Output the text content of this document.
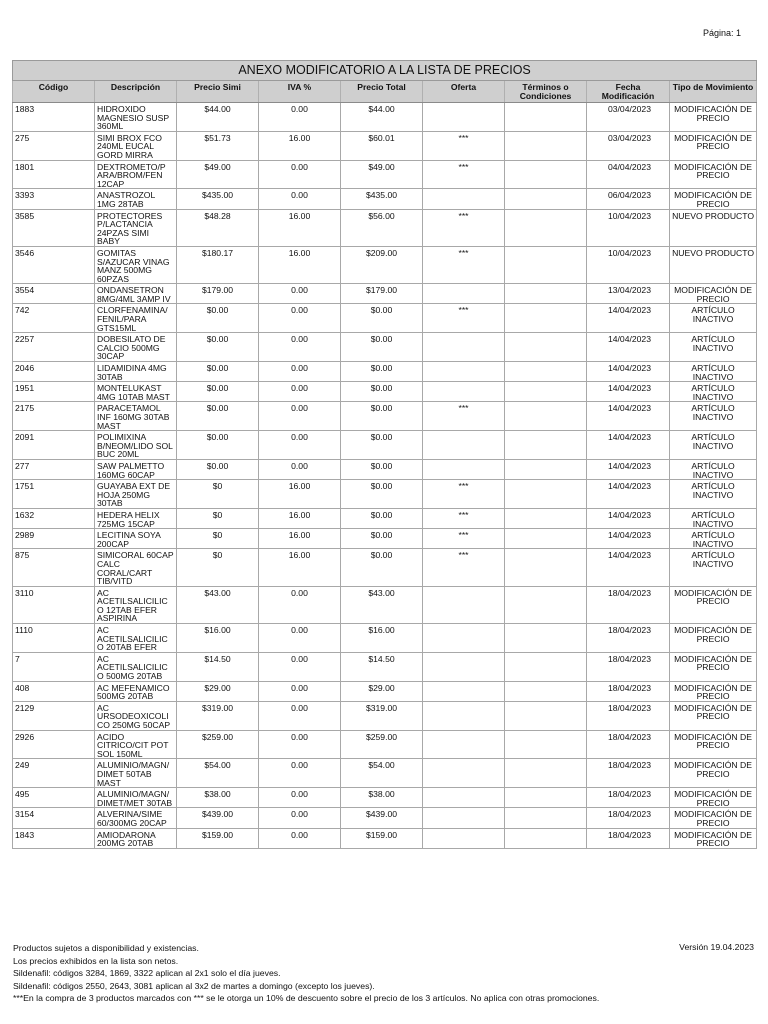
Página: 1
ANEXO MODIFICATORIO A LA LISTA DE PRECIOS								
Código	Descripción	Precio Simi	IVA %	Precio Total	Oferta	Términos o Condiciones	Fecha Modificación	Tipo de Movimiento
1883	HIDROXIDO MAGNESIO SUSP 360ML	$44.00	0.00	$44.00			03/04/2023	MODIFICACIÓN DE PRECIO
275	SIMI BROX FCO 240ML EUCAL GORD MIRRA	$51.73	16.00	$60.01	***		03/04/2023	MODIFICACIÓN DE PRECIO
1801	DEXTROMETO/P ARA/BROM/FEN 12CAP	$49.00	0.00	$49.00	***		04/04/2023	MODIFICACIÓN DE PRECIO
3393	ANASTROZOL 1MG 28TAB	$435.00	0.00	$435.00			06/04/2023	MODIFICACIÓN DE PRECIO
3585	PROTECTORES P/LACTANCIA 24PZAS SIMI BABY	$48.28	16.00	$56.00	***		10/04/2023	NUEVO PRODUCTO
3546	GOMITAS S/AZUCAR VINAG MANZ 500MG 60PZAS	$180.17	16.00	$209.00	***		10/04/2023	NUEVO PRODUCTO
3554	ONDANSETRON 8MG/4ML 3AMP IV	$179.00	0.00	$179.00			13/04/2023	MODIFICACIÓN DE PRECIO
742	CLORFENAMINA/ FENIL/PARA GTS15ML	$0.00	0.00	$0.00	***		14/04/2023	ARTÍCULO INACTIVO
2257	DOBESILATO DE CALCIO 500MG 30CAP	$0.00	0.00	$0.00			14/04/2023	ARTÍCULO INACTIVO
2046	LIDAMIDINA 4MG 30TAB	$0.00	0.00	$0.00			14/04/2023	ARTÍCULO INACTIVO
1951	MONTELUKAST 4MG 10TAB MAST	$0.00	0.00	$0.00			14/04/2023	ARTÍCULO INACTIVO
2175	PARACETAMOL INF 160MG 30TAB MAST	$0.00	0.00	$0.00	***		14/04/2023	ARTÍCULO INACTIVO
2091	POLIMIXINA B/NEOM/LIDO SOL BUC 20ML	$0.00	0.00	$0.00			14/04/2023	ARTÍCULO INACTIVO
277	SAW PALMETTO 160MG 60CAP	$0.00	0.00	$0.00			14/04/2023	ARTÍCULO INACTIVO
1751	GUAYABA EXT DE HOJA 250MG 30TAB	$0	16.00	$0.00	***		14/04/2023	ARTÍCULO INACTIVO
1632	HEDERA HELIX 725MG 15CAP	$0	16.00	$0.00	***		14/04/2023	ARTÍCULO INACTIVO
2989	LECITINA SOYA 200CAP	$0	16.00	$0.00	***		14/04/2023	ARTÍCULO INACTIVO
875	SIMICORAL 60CAP CALC CORAL/CART TIB/VITD	$0	16.00	$0.00	***		14/04/2023	ARTÍCULO INACTIVO
3110	AC ACETILSALICILIC O 12TAB EFER ASPIRINA	$43.00	0.00	$43.00			18/04/2023	MODIFICACIÓN DE PRECIO
1110	AC ACETILSALICILIC O 20TAB EFER	$16.00	0.00	$16.00			18/04/2023	MODIFICACIÓN DE PRECIO
7	AC ACETILSALICILIC O 500MG 20TAB	$14.50	0.00	$14.50			18/04/2023	MODIFICACIÓN DE PRECIO
408	AC MEFENAMICO 500MG 20TAB	$29.00	0.00	$29.00			18/04/2023	MODIFICACIÓN DE PRECIO
2129	AC URSODEOXICOLI CO 250MG 50CAP	$319.00	0.00	$319.00			18/04/2023	MODIFICACIÓN DE PRECIO
2926	ACIDO CITRICO/CIT POT SOL 150ML	$259.00	0.00	$259.00			18/04/2023	MODIFICACIÓN DE PRECIO
249	ALUMINIO/MAGN/ DIMET 50TAB MAST	$54.00	0.00	$54.00			18/04/2023	MODIFICACIÓN DE PRECIO
495	ALUMINIO/MAGN/ DIMET/MET 30TAB	$38.00	0.00	$38.00			18/04/2023	MODIFICACIÓN DE PRECIO
3154	ALVERINA/SIME 60/300MG 20CAP	$439.00	0.00	$439.00			18/04/2023	MODIFICACIÓN DE PRECIO
1843	AMIODARONA 200MG 20TAB	$159.00	0.00	$159.00			18/04/2023	MODIFICACIÓN DE PRECIO
Productos sujetos a disponibilidad y existencias.
Los precios exhibidos en la lista son netos.
Sildenafil: códigos 3284, 1869, 3322 aplican al 2x1 solo el día jueves.
Sildenafil: códigos 2550, 2643, 3081 aplican al 3x2 de martes a domingo (excepto los jueves).
***En la compra de 3 productos marcados con *** se le otorga un 10% de descuento sobre el precio de los 3 artículos. No aplica con otras promociones.
Versión 19.04.2023
